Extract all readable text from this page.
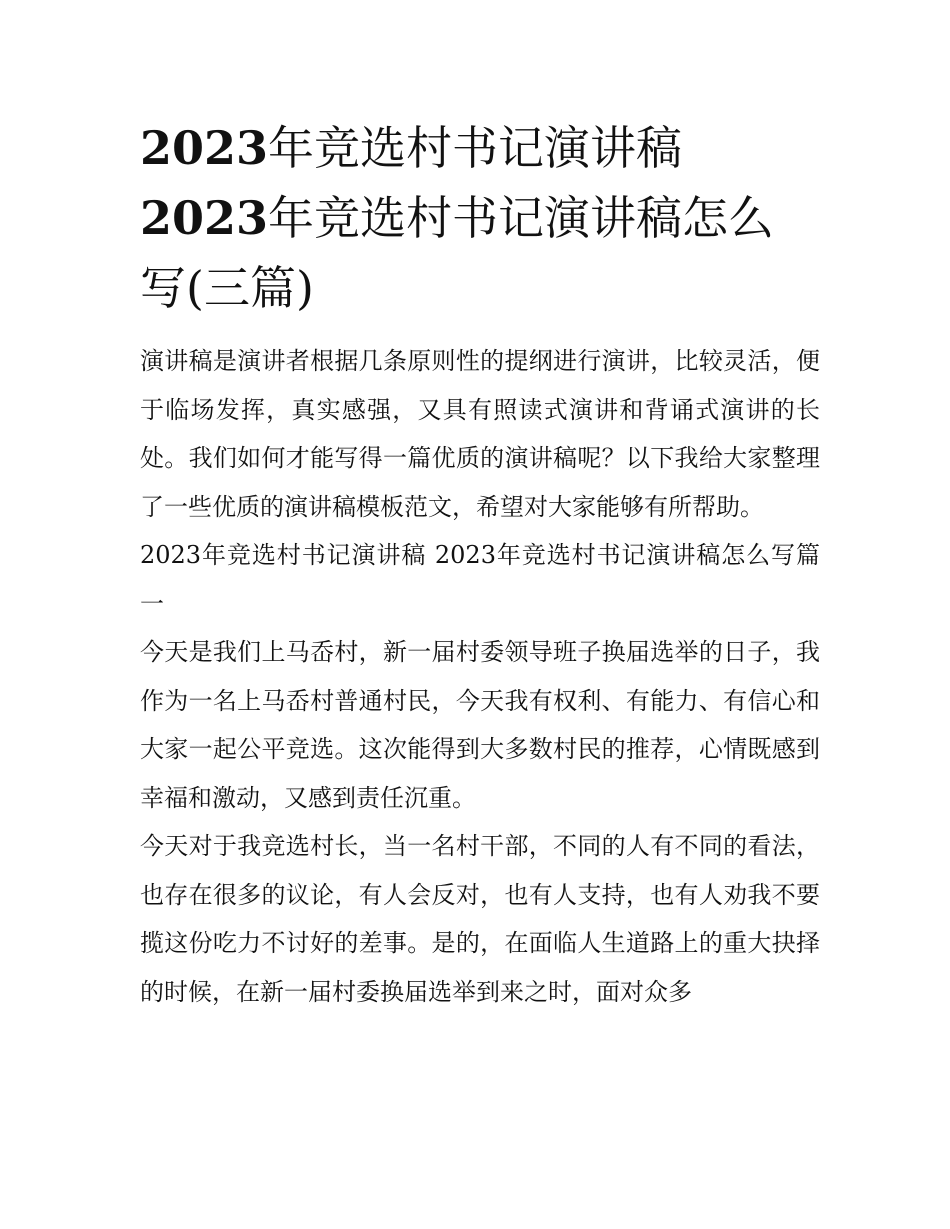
2023年竞选村书记演讲稿
2023年竞选村书记演讲稿怎么写(三篇)

演讲稿是演讲者根据几条原则性的提纲进行演讲，比较灵活，便于临场发挥，真实感强，又具有照读式演讲和背诵式演讲的长处。我们如何才能写得一篇优质的演讲稿呢？以下我给大家整理了一些优质的演讲稿模板范文，希望对大家能够有所帮助。

2023年竞选村书记演讲稿 2023年竞选村书记演讲稿怎么写篇一

今天是我们上马岙村，新一届村委领导班子换届选举的日子，我作为一名上马岙村普通村民，今天我有权利、有能力、有信心和大家一起公平竞选。这次能得到大多数村民的推荐，心情既感到幸福和激动，又感到责任沉重。

今天对于我竞选村长，当一名村干部，不同的人有不同的看法，也存在很多的议论，有人会反对，也有人支持，也有人劝我不要揽这份吃力不讨好的差事。是的，在面临人生道路上的重大抉择的时候，在新一届村委换届选举到来之时，面对众多
